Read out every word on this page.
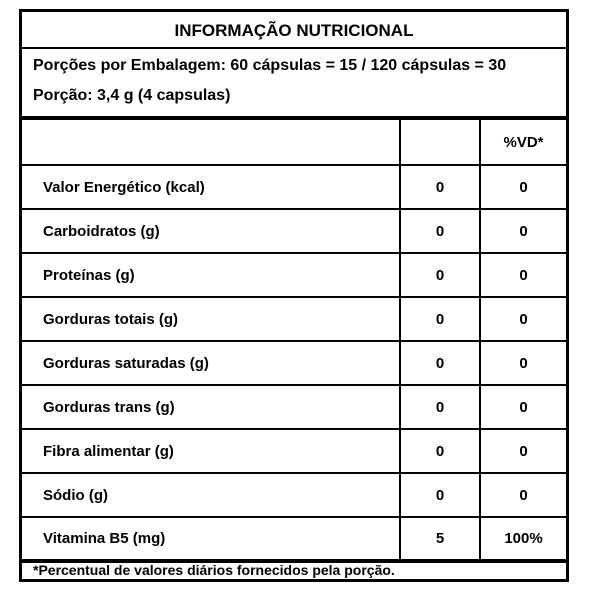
INFORMAÇÃO NUTRICIONAL
Porções por Embalagem: 60 cápsulas = 15 / 120 cápsulas = 30
Porção: 3,4 g (4 capsulas)
		%VD*
Valor Energético (kcal)	0	0
Carboidratos (g)	0	0
Proteínas (g)	0	0
Gorduras totais (g)	0	0
Gorduras saturadas (g)	0	0
Gorduras trans (g)	0	0
Fibra alimentar (g)	0	0
Sódio (g)	0	0
Vitamina B5 (mg)	5	100%
*Percentual de valores diários fornecidos pela porção.
